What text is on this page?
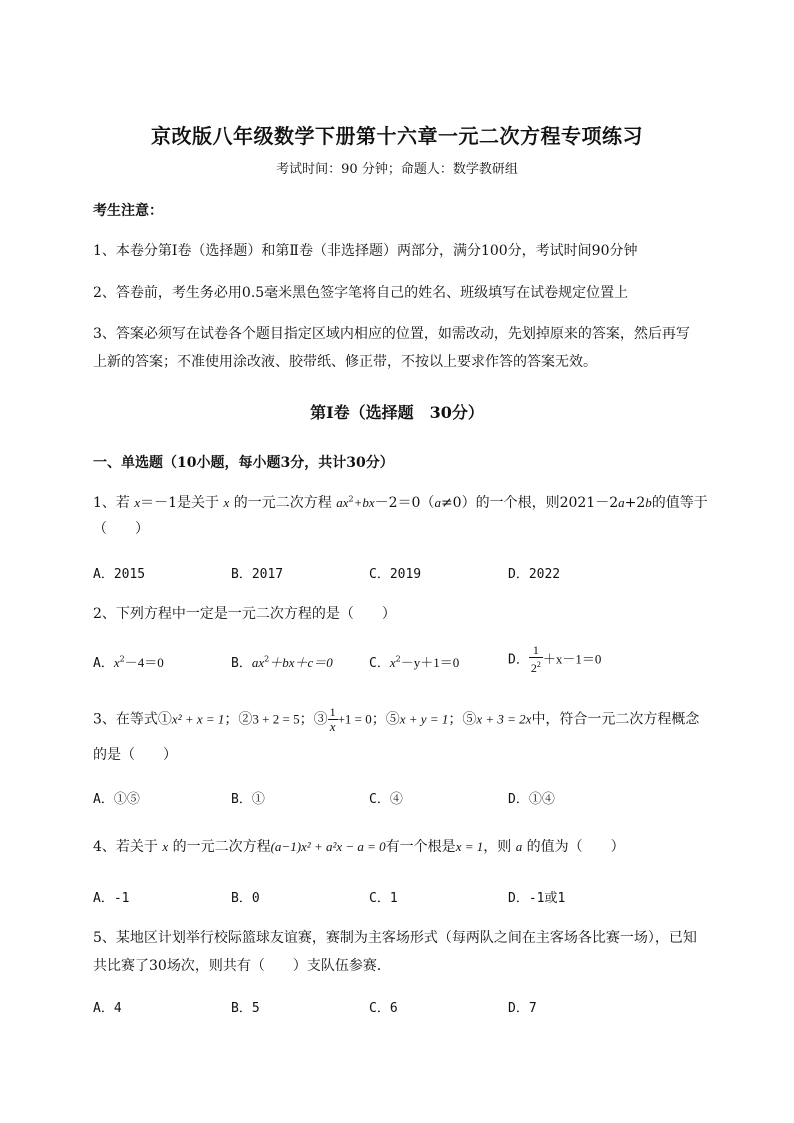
京改版八年级数学下册第十六章一元二次方程专项练习
考试时间：90 分钟；命题人：数学教研组
考生注意：
1、本卷分第Ⅰ卷（选择题）和第Ⅱ卷（非选择题）两部分，满分100分，考试时间90分钟
2、答卷前，考生务必用0.5毫米黑色签字笔将自己的姓名、班级填写在试卷规定位置上
3、答案必须写在试卷各个题目指定区域内相应的位置，如需改动，先划掉原来的答案，然后再写上新的答案；不准使用涂改液、胶带纸、修正带，不按以上要求作答的答案无效。
第Ⅰ卷（选择题　30分）
一、单选题（10小题，每小题3分，共计30分）
1、若 x＝－1是关于 x 的一元二次方程 $ax^2+bx-2=0(a\ne 0)$的一个根，则2021－2a+2b的值等于
（　　）
A．2015	B．2017	C．2019	D．2022
2、下列方程中一定是一元二次方程的是（　　）
A．$x^2-4=0$	B．$ax^2+bx+c=0$	C．$x^2-y+1=0$	D． $\frac{1}{2^2} +x-1=0$
3、在等式①x² + x = 1；②3 + 2 = 5；③ $\frac{1}{x} +1 = 0$；⑤x + y = 1；⑤x + 3 = 2x中，符合一元二次方程概念
的是（　　）
A．①⑤	B．①	C．④	D．①④
4、若关于 x 的一元二次方程(a−1)x² + a²x − a = 0有一个根是x = 1，则 a 的值为（　　）
A．-1	B．0	C．1	D．-1或1
5、某地区计划举行校际篮球友谊赛，赛制为主客场形式（每两队之间在主客场各比赛一场），已知共比赛了30场次，则共有（　　）支队伍参赛．
A．4	B．5	C．6	D．7
